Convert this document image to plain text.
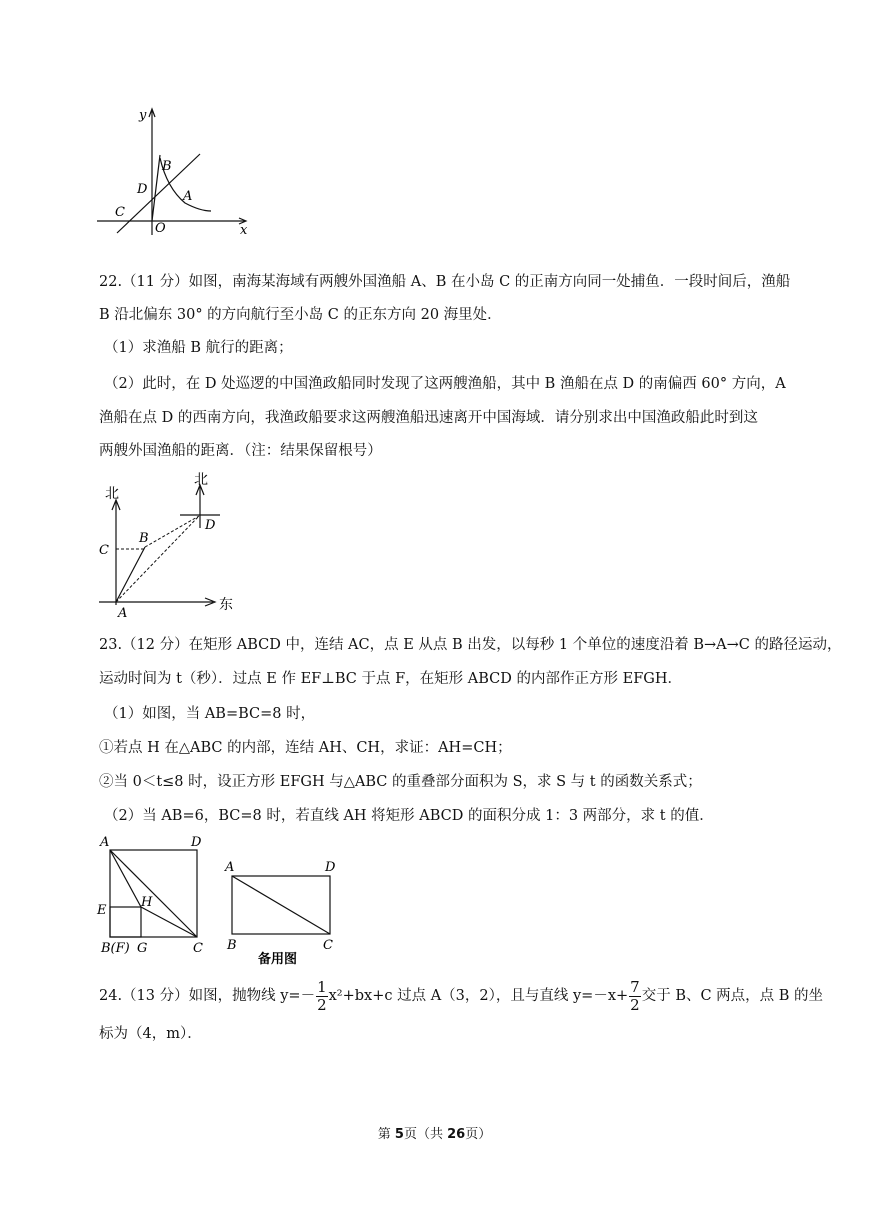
y
x
O
B
D	A
C
22.（11 分）如图，南海某海域有两艘外国渔船 A、B 在小岛 C 的正南方向同一处捕鱼．一段时间后，渔船
B 沿北偏东 30° 的方向航行至小岛 C 的正东方向 20 海里处．
（1）求渔船 B 航行的距离；
（2）此时，在 D 处巡逻的中国渔政船同时发现了这两艘渔船，其中 B 渔船在点 D 的南偏西 60° 方向，A
渔船在点 D 的西南方向，我渔政船要求这两艘渔船迅速离开中国海域．请分别求出中国渔政船此时到这
两艘外国渔船的距离．（注：结果保留根号）
北
北
东
A
B
C
D
23.（12 分）在矩形 ABCD 中，连结 AC，点 E 从点 B 出发，以每秒 1 个单位的速度沿着 B→A→C 的路径运动，
运动时间为 t（秒）．过点 E 作 EF⊥BC 于点 F，在矩形 ABCD 的内部作正方形 EFGH．
（1）如图，当 AB=BC=8 时，
①若点 H 在△ABC 的内部，连结 AH、CH，求证：AH=CH；
②当 0＜t≤8 时，设正方形 EFGH 与△ABC 的重叠部分面积为 S，求 S 与 t 的函数关系式；
（2）当 AB=6，BC=8 时，若直线 AH 将矩形 ABCD 的面积分成 1：3 两部分，求 t 的值．
A	D
E
H
B(F) G	C
A	D
B	C
备用图
24.（13 分）如图，抛物线 $y=- \frac{1}{2} x^2+bx+c$ 过点 A（3，2），且与直线 $y=-x+ \frac{7}{2}$ 交于 B、C 两点，点 B 的坐
标为（4，m）．
第 5页（共 26页）
